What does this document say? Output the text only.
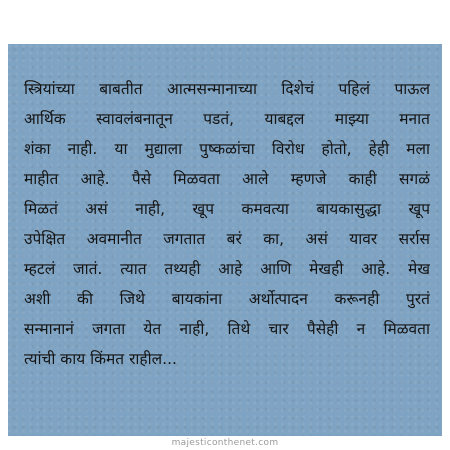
स्त्रियांच्या बाबतीत आत्मसन्मानाच्या दिशेचं पहिलं पाऊल
आर्थिक स्वावलंबनातून पडतं, याबद्दल माझ्या मनात
शंका नाही. या मुद्याला पुष्कळांचा विरोध होतो, हेही मला
माहीत आहे. पैसे मिळवता आले म्हणजे काही सगळं
मिळतं असं नाही, खूप कमवत्या बायकासुद्धा खूप
उपेक्षित अवमानीत जगतात बरं का, असं यावर सर्रास
म्हटलं जातं. त्यात तथ्यही आहे आणि मेखही आहे. मेख
अशी की जिथे बायकांना अर्थोत्पादन करूनही पुरतं
सन्मानानं जगता येत नाही, तिथे चार पैसेही न मिळवता
त्यांची काय किंमत राहील...
majesticonthenet.com
